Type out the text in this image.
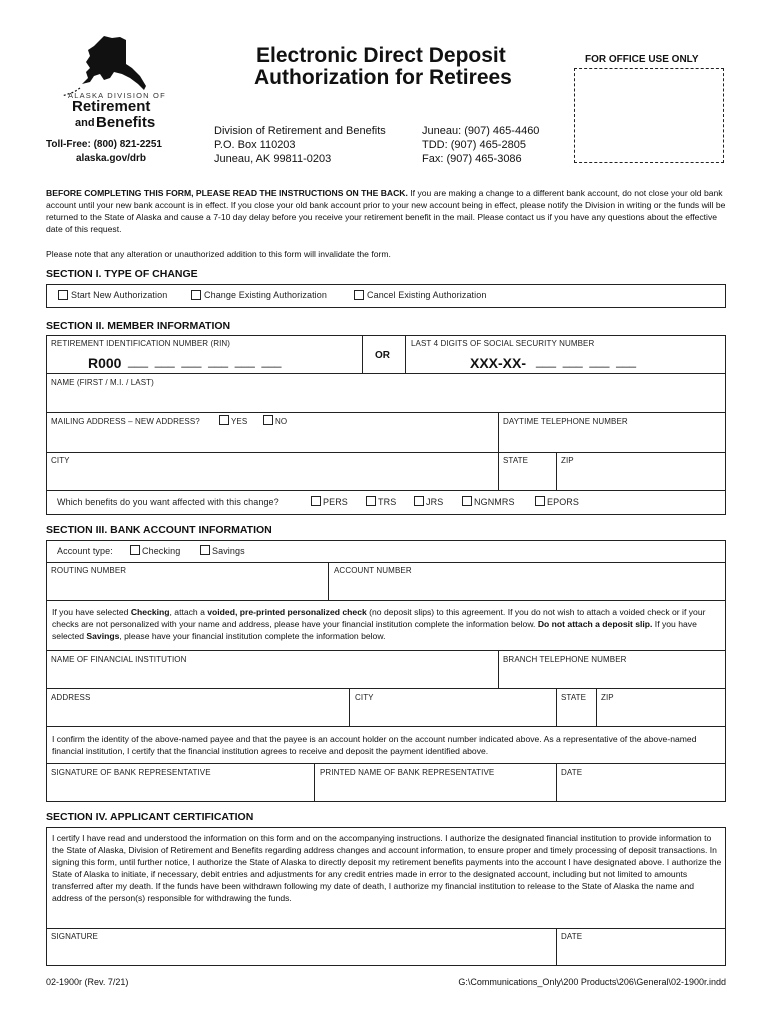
ALASKA DIVISION OF
Retirement
and Benefits
Toll-Free: (800) 821-2251
alaska.gov/drb
Electronic Direct Deposit
Authorization for Retirees
Division of Retirement and Benefits
P.O. Box 110203
Juneau, AK 99811-0203
Juneau: (907) 465-4460
TDD: (907) 465-2805
Fax: (907) 465-3086
FOR OFFICE USE ONLY
BEFORE COMPLETING THIS FORM, PLEASE READ THE INSTRUCTIONS ON THE BACK. If you are making a change to a different bank account, do not close your old bank account until your new bank account is in effect. If you close your old bank account prior to your new account being in effect, please notify the Division in writing or the funds will be returned to the State of Alaska and cause a 7-10 day delay before you receive your retirement benefit in the mail. Please contact us if you have any questions about the effective date of this request.
Please note that any alteration or unauthorized addition to this form will invalidate the form.
SECTION I. TYPE OF CHANGE
Start New Authorization	Change Existing Authorization	Cancel Existing Authorization
SECTION II. MEMBER INFORMATION
RETIREMENT IDENTIFICATION NUMBER (RIN)
R000 ___  ___  ___  ___  ___  ___	OR
LAST 4 DIGITS OF SOCIAL SECURITY NUMBER
XXX-XX- ___  ___  ___  ___
NAME (FIRST / M.I. / LAST)
MAILING ADDRESS – NEW ADDRESS?	YES	NO	DAYTIME TELEPHONE NUMBER
CITY	STATE	ZIP
Which benefits do you want affected with this change?	PERS	TRS	JRS	NGNMRS	EPORS
SECTION III. BANK ACCOUNT INFORMATION
Account type:	Checking	Savings
ROUTING NUMBER	ACCOUNT NUMBER
If you have selected Checking, attach a voided, pre-printed personalized check (no deposit slips) to this agreement. If you do not wish to attach a voided check or if your checks are not personalized with your name and address, please have your financial institution complete the information below. Do not attach a deposit slip. If you have selected Savings, please have your financial institution complete the information below.
NAME OF FINANCIAL INSTITUTION	BRANCH TELEPHONE NUMBER
ADDRESS	CITY	STATE ZIP
I confirm the identity of the above-named payee and that the payee is an account holder on the account number indicated above. As a representative of the above-named financial institution, I certify that the financial institution agrees to receive and deposit the payment identified above.
SIGNATURE OF BANK REPRESENTATIVE	PRINTED NAME OF BANK REPRESENTATIVE	DATE
SECTION IV. APPLICANT CERTIFICATION
I certify I have read and understood the information on this form and on the accompanying instructions. I authorize the designated financial institution to provide information to the State of Alaska, Division of Retirement and Benefits regarding address changes and account information, to ensure proper and timely processing of deposit transactions. In signing this form, until further notice, I authorize the State of Alaska to directly deposit my retirement benefits payments into the account I have designated above. I authorize the State of Alaska to initiate, if necessary, debit entries and adjustments for any credit entries made in error to the designated account, including but not limited to amounts transferred after my death. If the funds have been withdrawn following my date of death, I authorize my financial institution to release to the State of Alaska the name and address of the person(s) responsible for withdrawing the funds.
SIGNATURE	DATE
02-1900r (Rev. 7/21)	G:\Communications_Only\200 Products\206\General\02-1900r.indd
